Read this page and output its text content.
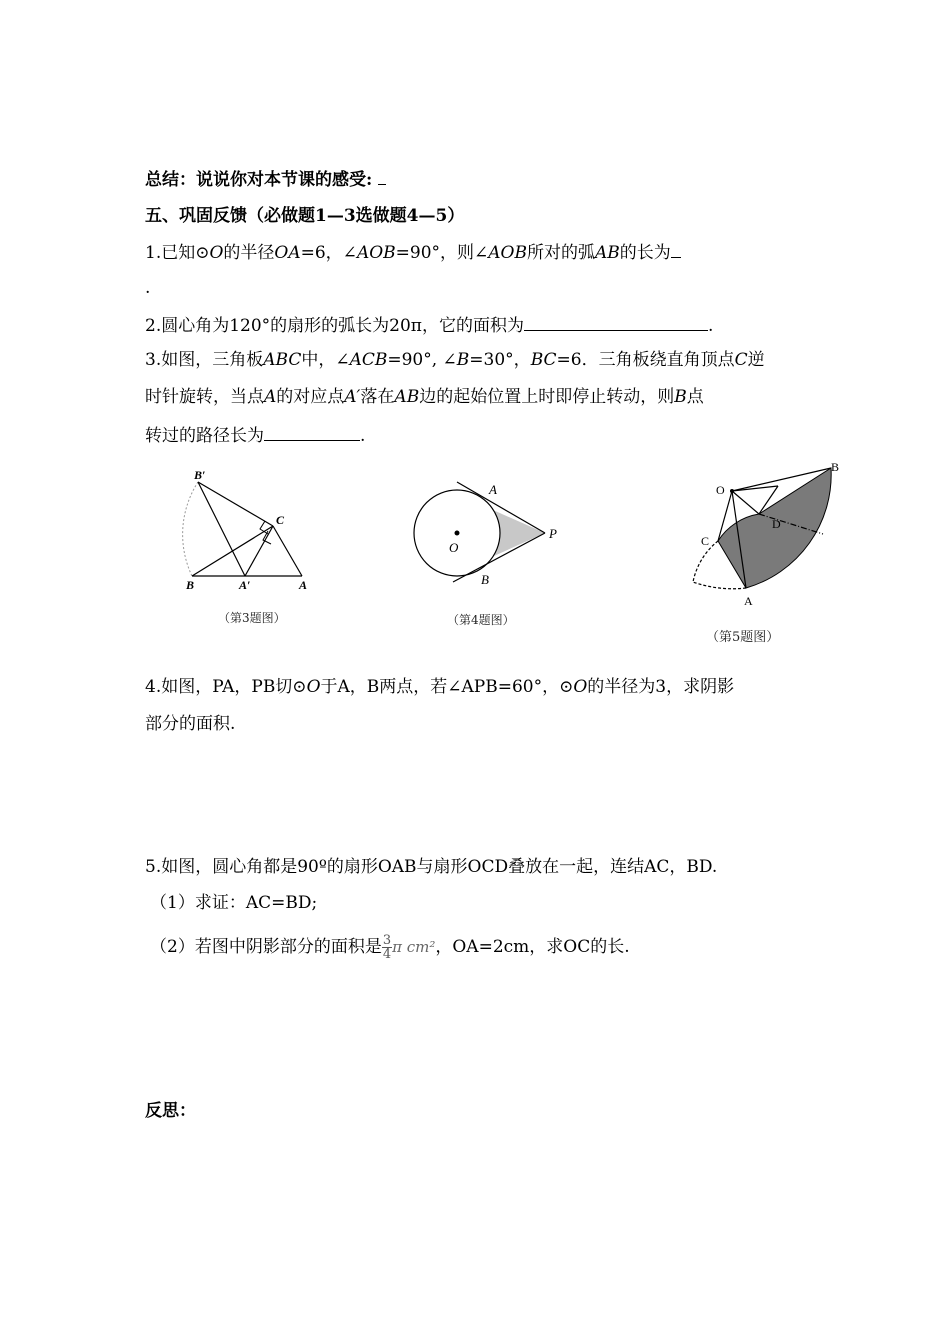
总结：说说你对本节课的感受:
五、巩固反馈（必做题1—3选做题4—5）
1.已知⊙O的半径OA=6，∠AOB=90°，则∠AOB所对的弧AB的长为
.
2.圆心角为120°的扇形的弧长为20π，它的面积为	.
3.如图，三角板ABC中，∠ACB=90°, ∠B=30°，BC=6．三角板绕直角顶点C逆
时针旋转，当点A的对应点A′落在AB边的起始位置上时即停止转动，则B点
转过的路径长为	.
B′
C
B	A′	A
（第3题图）
A
O
P
B
（第4题图）
O
B
D
C
A
（第5题图）
4.如图，PA，PB切⊙O于A，B两点，若∠APB=60°，⊙O的半径为3，求阴影
部分的面积.
5.如图，圆心角都是90º的扇形OAB与扇形OCD叠放在一起，连结AC，BD.
（1）求证：AC=BD;
（2）若图中阴影部分的面积是 $\frac{3}{4}$ π cm²，OA=2cm，求OC的长.
反思：
